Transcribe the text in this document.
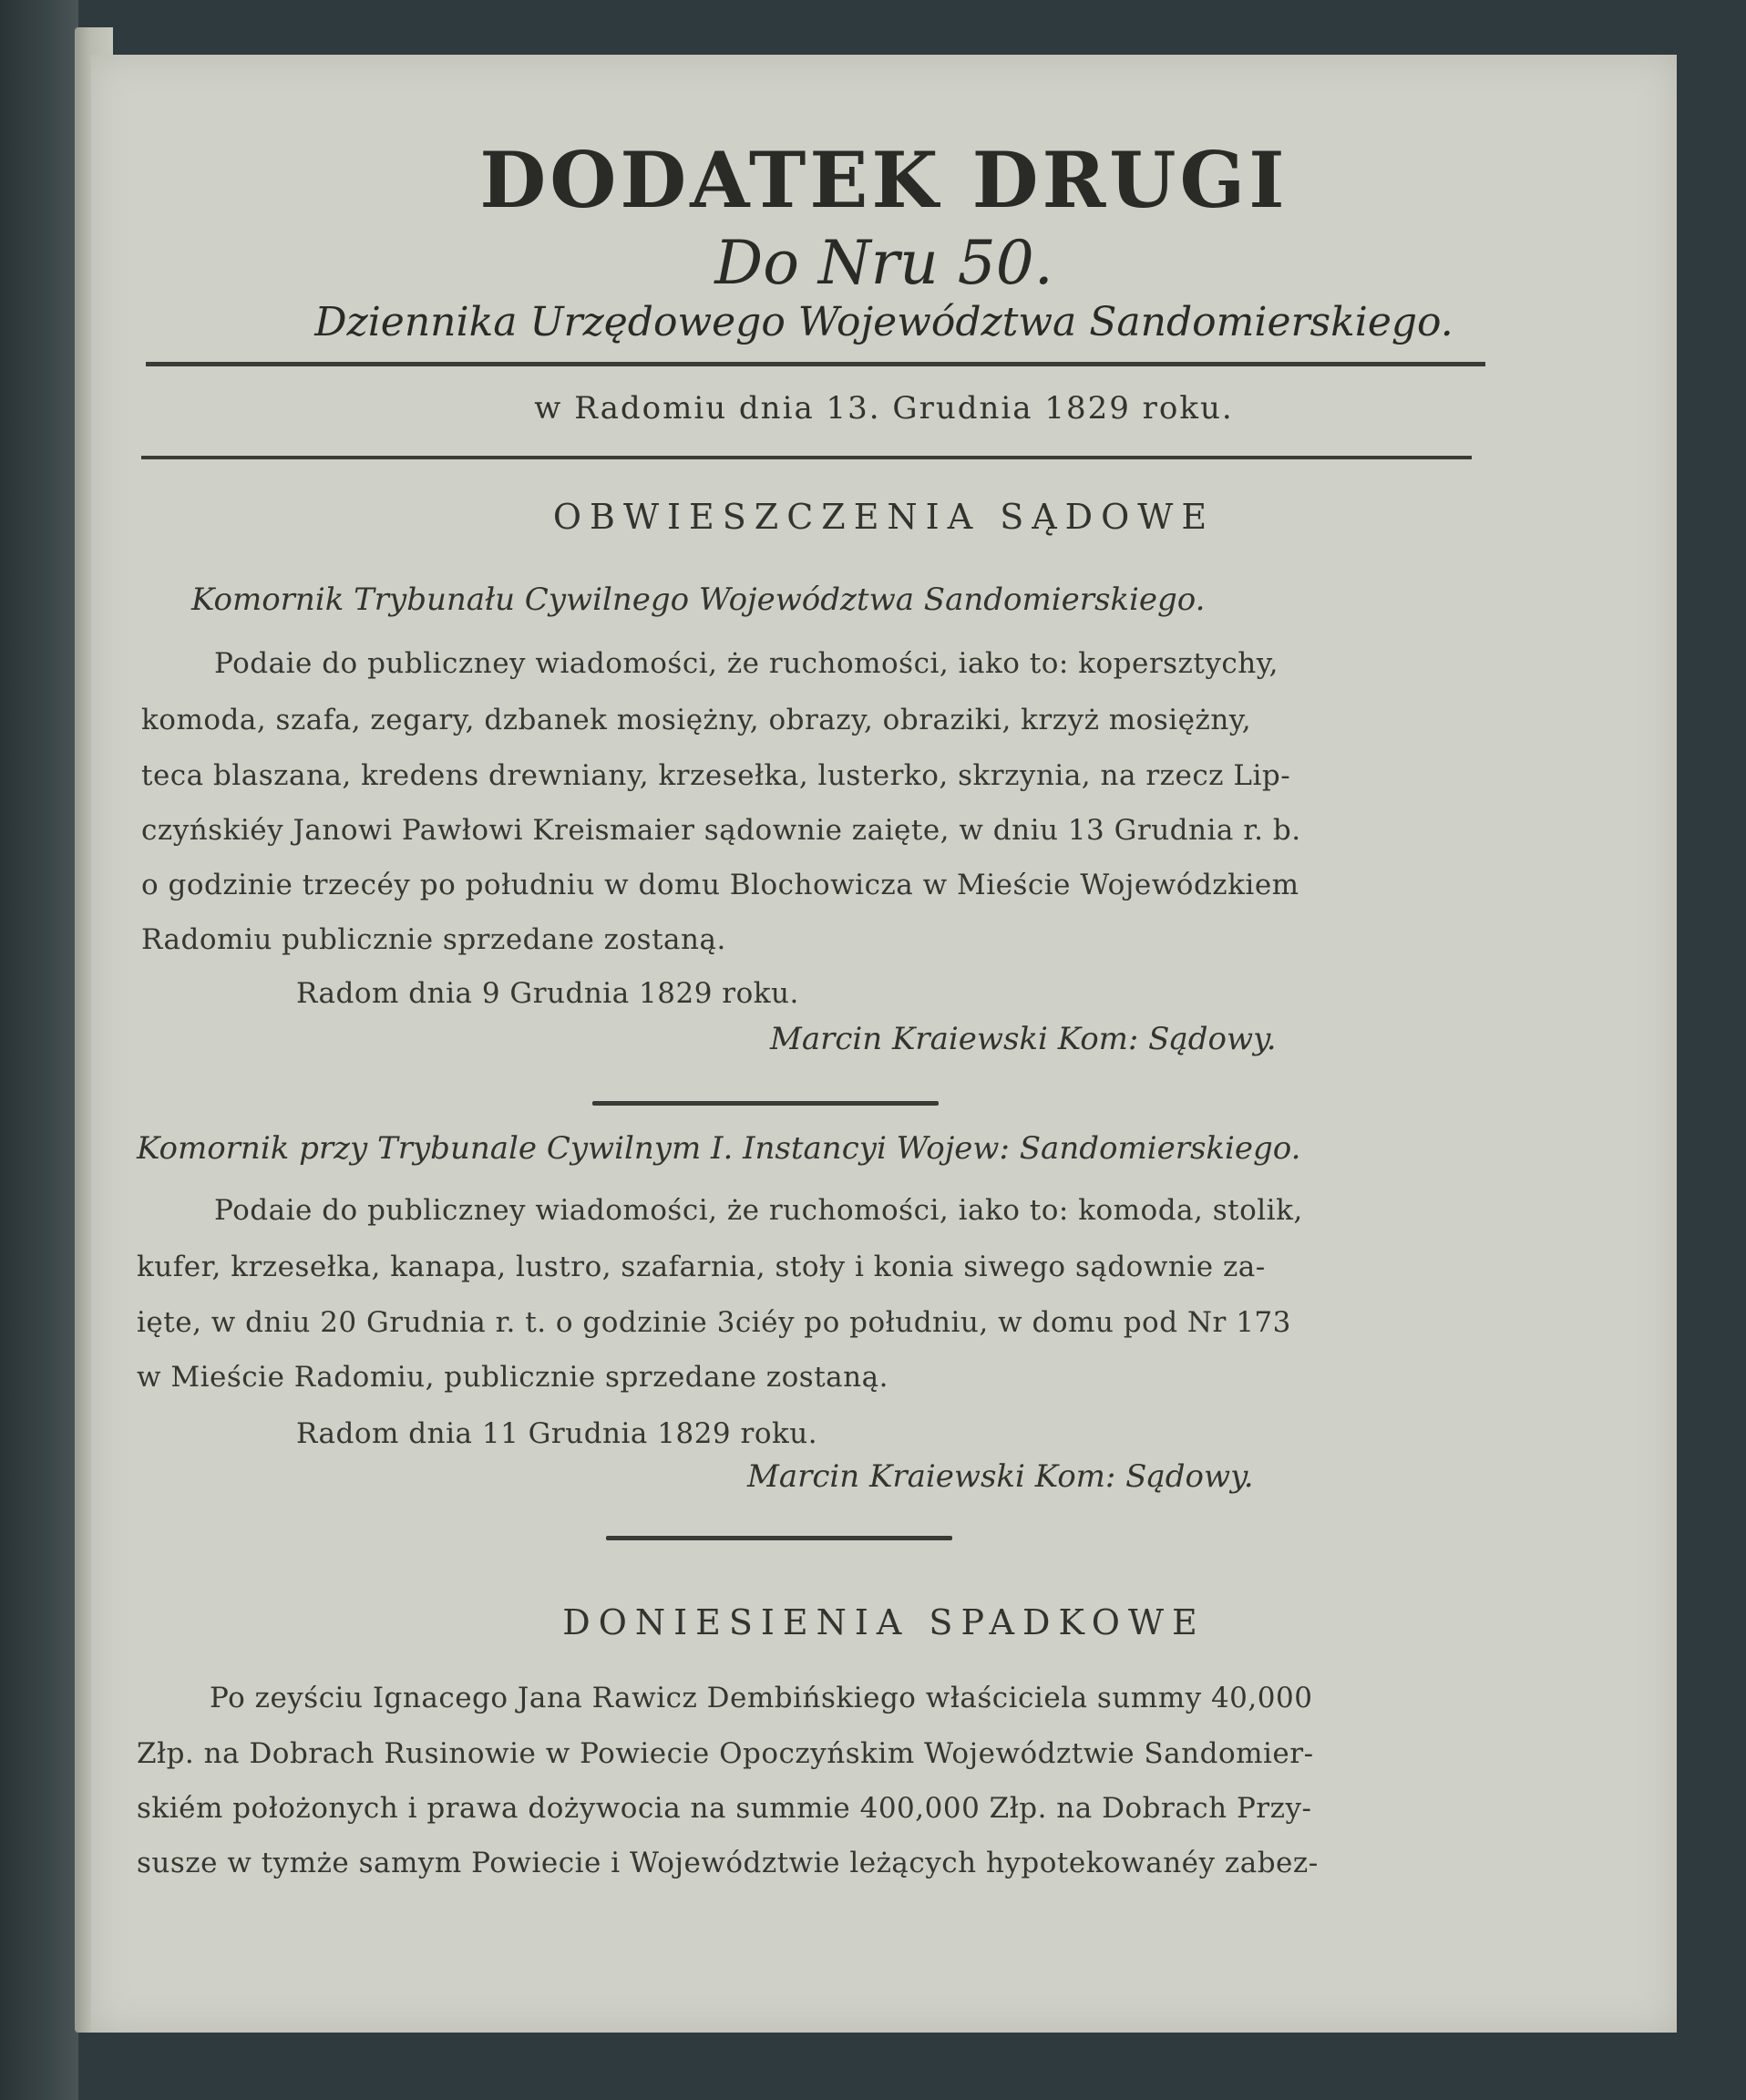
DODATEK DRUGI
Do Nru 50.
Dziennika Urzędowego Województwa Sandomierskiego.
w Radomiu dnia 13. Grudnia 1829 roku.
OBWIESZCZENIA SĄDOWE
Komornik Trybunału Cywilnego Województwa Sandomierskiego.
Podaie do publiczney wiadomości, że ruchomości, iako to: kopersztychy,
komoda, szafa, zegary, dzbanek mosiężny, obrazy, obraziki, krzyż mosiężny,
teca blaszana, kredens drewniany, krzesełka, lusterko, skrzynia, na rzecz Lip-
czyńskiéy Janowi Pawłowi Kreismaier sądownie zaięte, w dniu 13 Grudnia r. b.
o godzinie trzecéy po południu w domu Blochowicza w Mieście Wojewódzkiem
Radomiu publicznie sprzedane zostaną.
Radom dnia 9 Grudnia 1829 roku.
Marcin Kraiewski Kom: Sądowy.
Komornik przy Trybunale Cywilnym I. Instancyi Wojew: Sandomierskiego.
Podaie do publiczney wiadomości, że ruchomości, iako to: komoda, stolik,
kufer, krzesełka, kanapa, lustro, szafarnia, stoły i konia siwego sądownie za-
ięte, w dniu 20 Grudnia r. t. o godzinie 3ciéy po południu, w domu pod Nr 173
w Mieście Radomiu, publicznie sprzedane zostaną.
Radom dnia 11 Grudnia 1829 roku.
Marcin Kraiewski Kom: Sądowy.
DONIESIENIA SPADKOWE
Po zeyściu Ignacego Jana Rawicz Dembińskiego właściciela summy 40,000
Złp. na Dobrach Rusinowie w Powiecie Opoczyńskim Województwie Sandomier-
skiém położonych i prawa dożywocia na summie 400,000 Złp. na Dobrach Przy-
susze w tymże samym Powiecie i Województwie leżących hypotekowanéy zabez-
